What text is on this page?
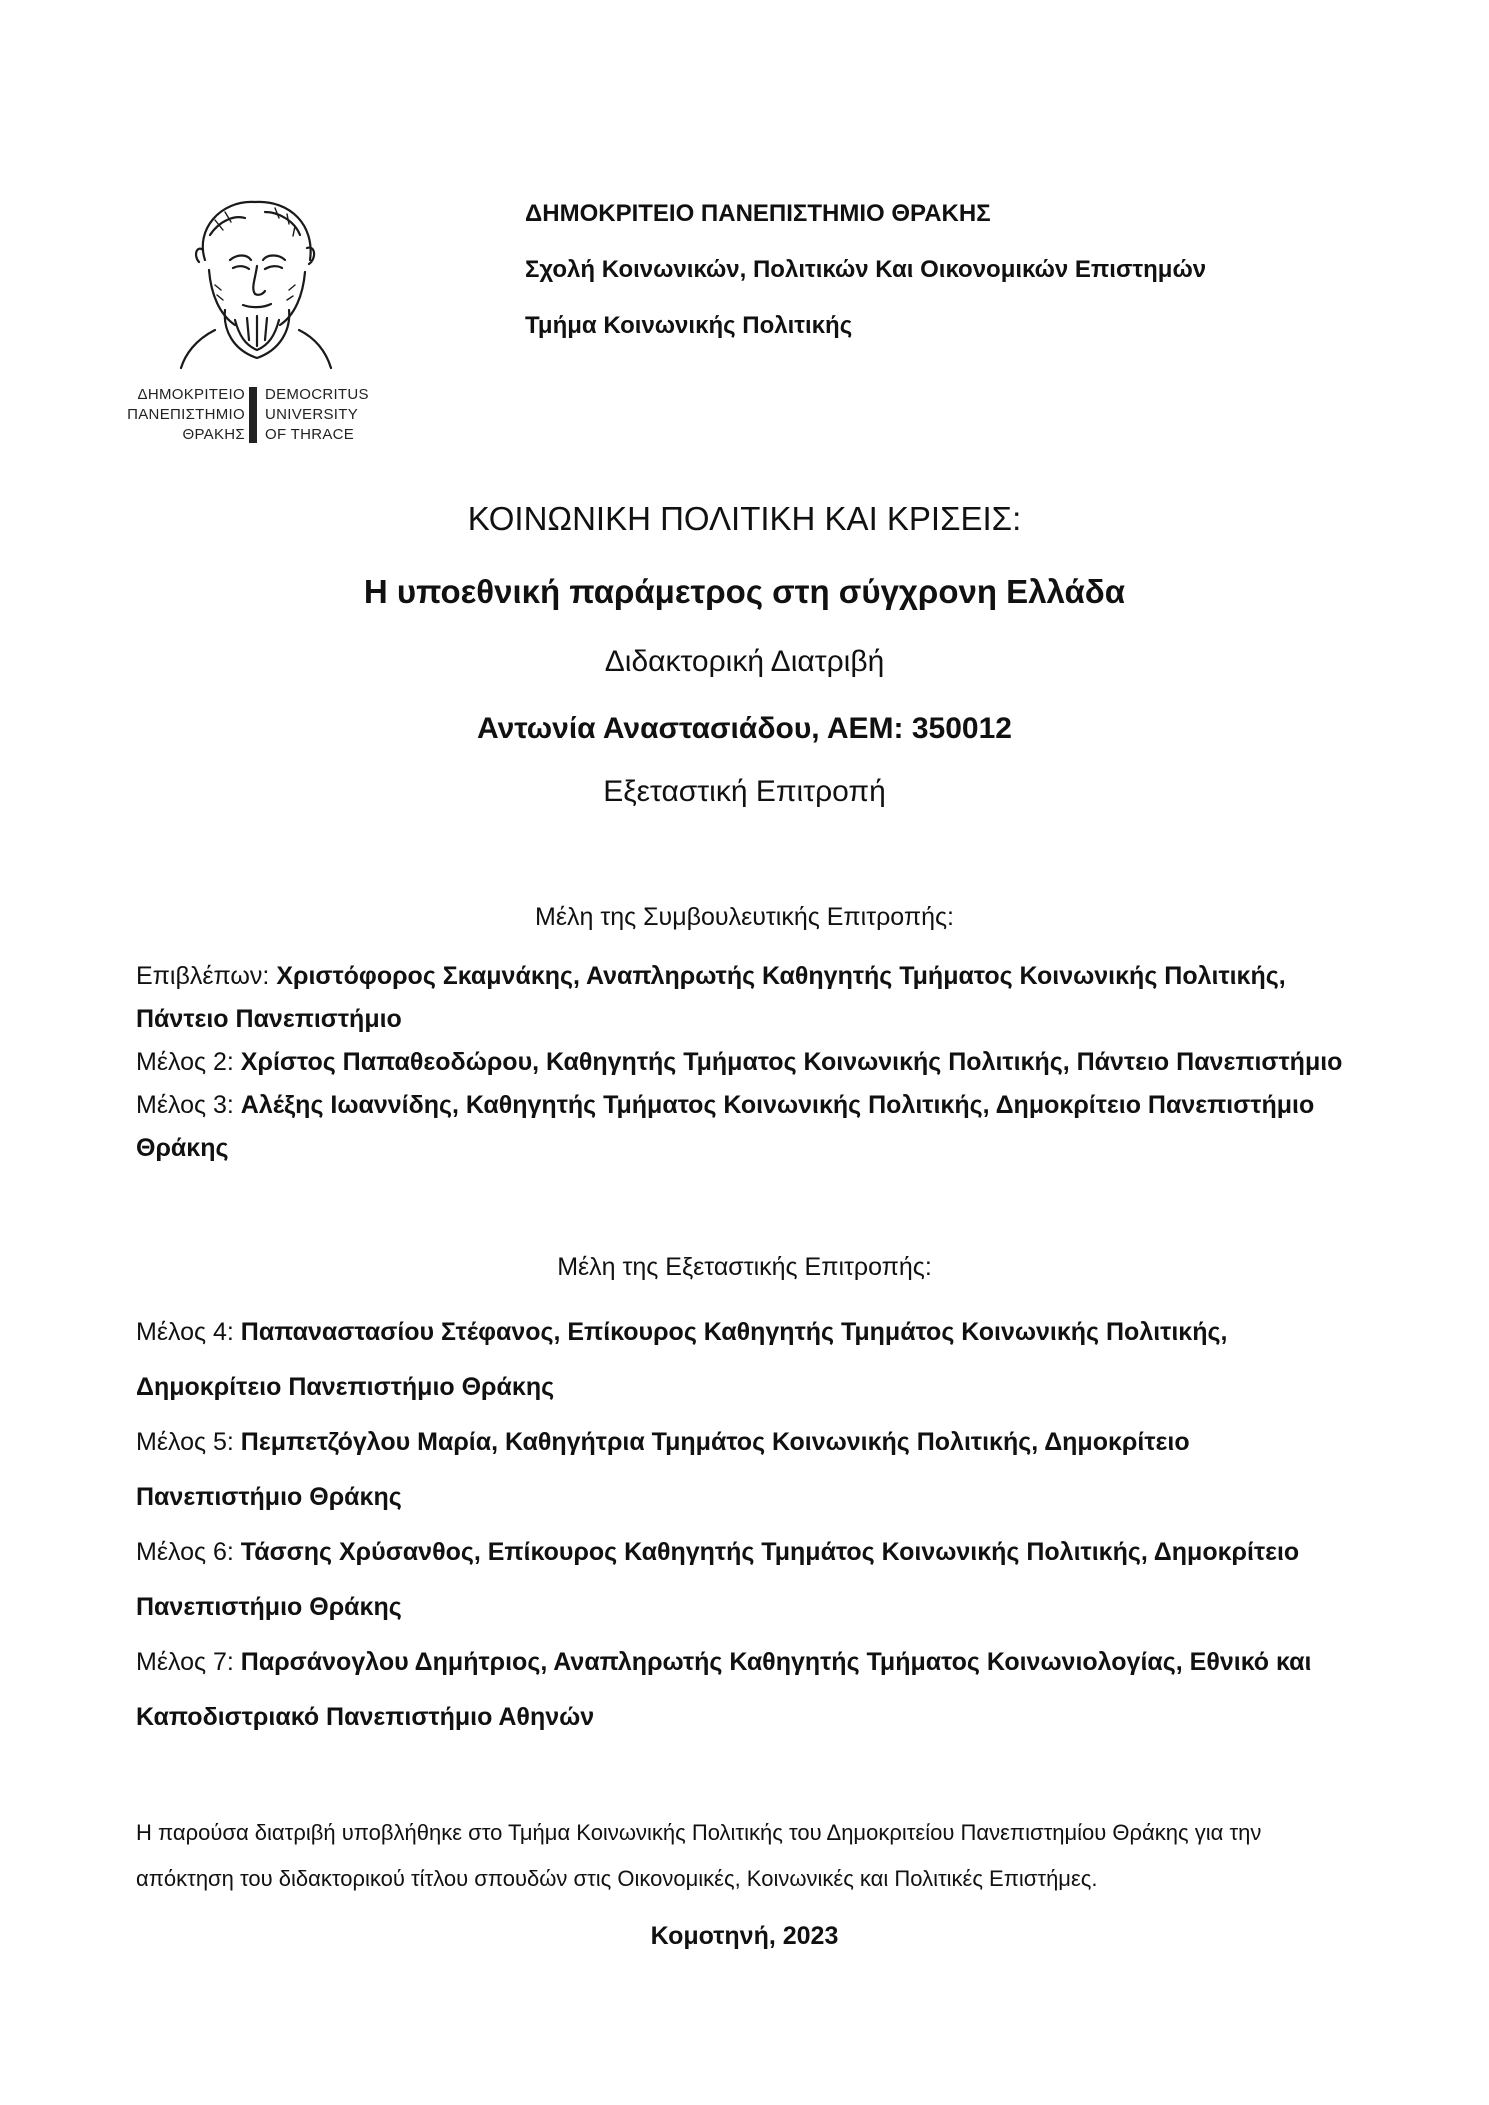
ΔΗΜΟΚΡΙΤΕΙΟ
ΠΑΝΕΠΙΣΤΗΜΙΟ
ΘΡΑΚΗΣ
DEMOCRITUS
UNIVERSITY
OF THRACE
ΔΗΜΟΚΡΙΤΕΙΟ ΠΑΝΕΠΙΣΤΗΜΙΟ ΘΡΑΚΗΣ
Σχολή Κοινωνικών, Πολιτικών Και Οικονομικών Επιστημών
Τμήμα Κοινωνικής Πολιτικής
ΚΟΙΝΩΝΙΚΗ ΠΟΛΙΤΙΚΗ ΚΑΙ ΚΡΙΣΕΙΣ:
Η υποεθνική παράμετρος στη σύγχρονη Ελλάδα
Διδακτορική Διατριβή
Αντωνία Αναστασιάδου, ΑΕΜ: 350012
Εξεταστική Επιτροπή
Μέλη της Συμβουλευτικής Επιτροπής:
Επιβλέπων: Χριστόφορος Σκαμνάκης, Αναπληρωτής Καθηγητής Τμήματος Κοινωνικής Πολιτικής, Πάντειο Πανεπιστήμιο
Μέλος 2: Χρίστος Παπαθεοδώρου, Καθηγητής Τμήματος Κοινωνικής Πολιτικής, Πάντειο Πανεπιστήμιο
Μέλος 3: Αλέξης Ιωαννίδης, Καθηγητής Τμήματος Κοινωνικής Πολιτικής, Δημοκρίτειο Πανεπιστήμιο Θράκης
Μέλη της Εξεταστικής Επιτροπής:
Μέλος 4: Παπαναστασίου Στέφανος, Επίκουρος Καθηγητής Τμημάτος Κοινωνικής Πολιτικής, Δημοκρίτειο Πανεπιστήμιο Θράκης
Μέλος 5: Πεμπετζόγλου Μαρία, Καθηγήτρια Τμημάτος Κοινωνικής Πολιτικής, Δημοκρίτειο Πανεπιστήμιο Θράκης
Μέλος 6: Τάσσης Χρύσανθος, Επίκουρος Καθηγητής Τμημάτος Κοινωνικής Πολιτικής, Δημοκρίτειο Πανεπιστήμιο Θράκης
Μέλος 7: Παρσάνογλου Δημήτριος, Αναπληρωτής Καθηγητής Τμήματος Κοινωνιολογίας, Εθνικό και Καποδιστριακό Πανεπιστήμιο Αθηνών
Η παρούσα διατριβή υποβλήθηκε στο Τμήμα Κοινωνικής Πολιτικής του Δημοκριτείου Πανεπιστημίου Θράκης για την απόκτηση του διδακτορικού τίτλου σπουδών στις Οικονομικές, Κοινωνικές και Πολιτικές Επιστήμες.
Κομοτηνή, 2023
